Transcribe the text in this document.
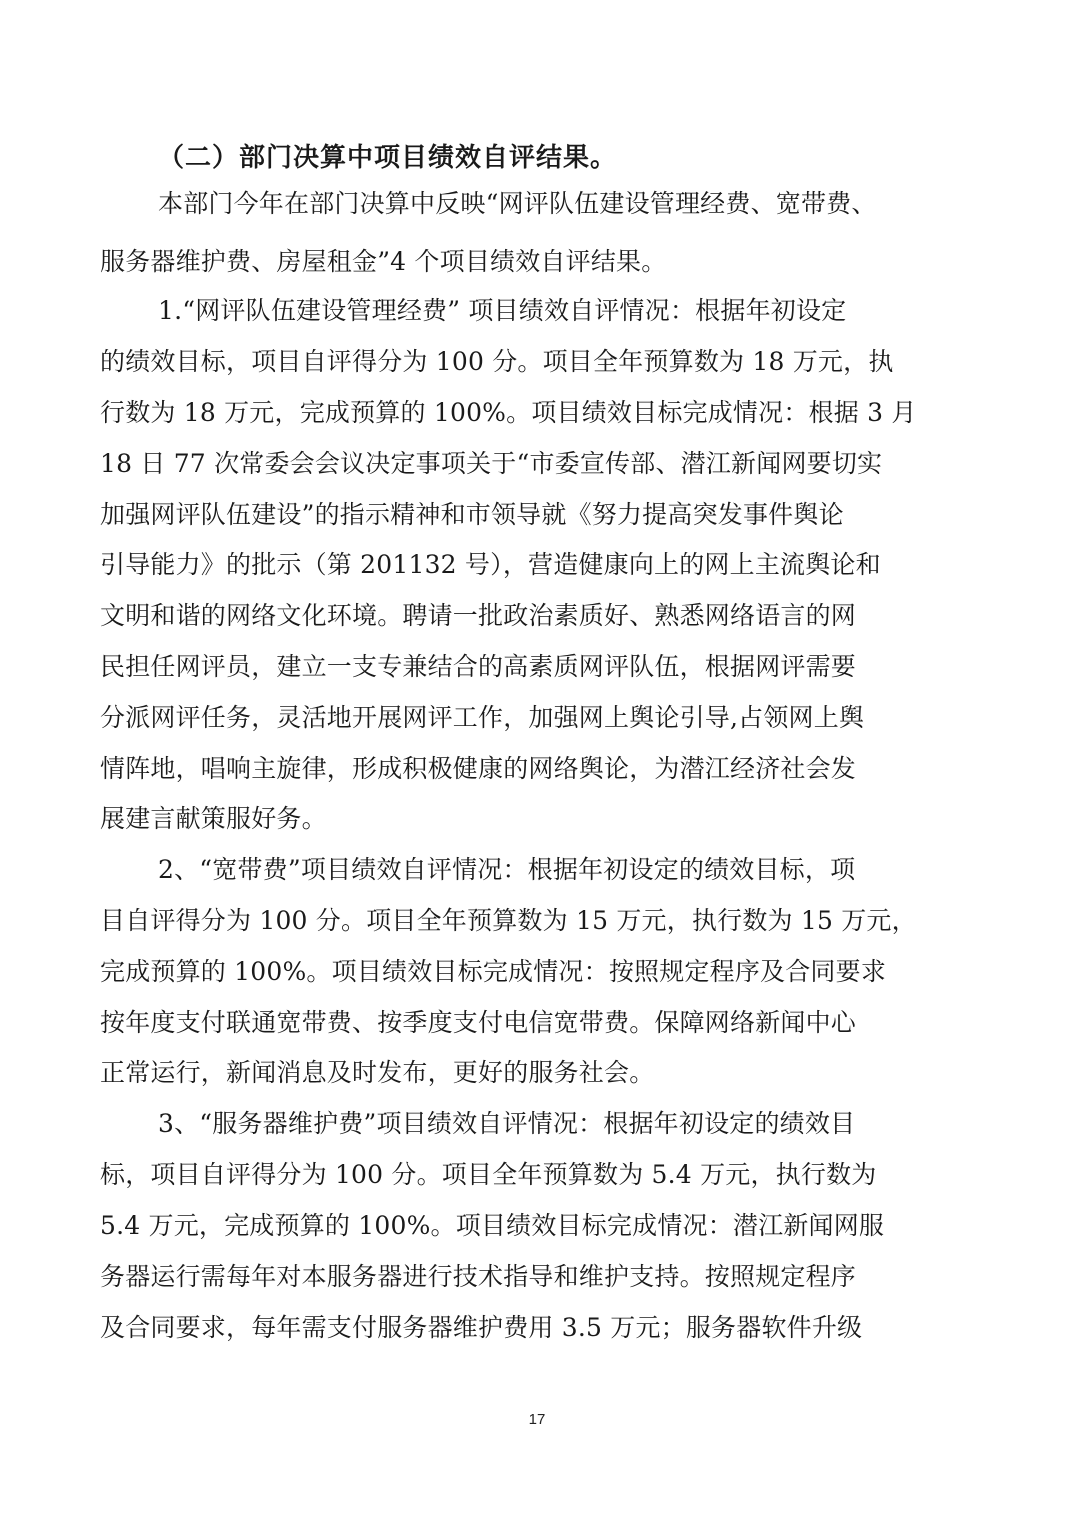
（二）部门决算中项目绩效自评结果。
本部门今年在部门决算中反映“网评队伍建设管理经费、宽带费、
服务器维护费、房屋租金”4 个项目绩效自评结果。
1.“网评队伍建设管理经费” 项目绩效自评情况：根据年初设定
的绩效目标，项目自评得分为 100 分。项目全年预算数为 18 万元，执
行数为 18 万元，完成预算的 100%。项目绩效目标完成情况：根据 3 月
18 日 77 次常委会会议决定事项关于“市委宣传部、潜江新闻网要切实
加强网评队伍建设”的指示精神和市领导就《努力提高突发事件舆论
引导能力》的批示（第 201132 号），营造健康向上的网上主流舆论和
文明和谐的网络文化环境。聘请一批政治素质好、熟悉网络语言的网
民担任网评员，建立一支专兼结合的高素质网评队伍，根据网评需要
分派网评任务，灵活地开展网评工作，加强网上舆论引导,占领网上舆
情阵地，唱响主旋律，形成积极健康的网络舆论，为潜江经济社会发
展建言献策服好务。
2、“宽带费”项目绩效自评情况：根据年初设定的绩效目标，项
目自评得分为 100 分。项目全年预算数为 15 万元，执行数为 15 万元，
完成预算的 100%。项目绩效目标完成情况：按照规定程序及合同要求
按年度支付联通宽带费、按季度支付电信宽带费。保障网络新闻中心
正常运行，新闻消息及时发布，更好的服务社会。
3、“服务器维护费”项目绩效自评情况：根据年初设定的绩效目
标，项目自评得分为 100 分。项目全年预算数为 5.4 万元，执行数为
5.4 万元，完成预算的 100%。项目绩效目标完成情况：潜江新闻网服
务器运行需每年对本服务器进行技术指导和维护支持。按照规定程序
及合同要求，每年需支付服务器维护费用 3.5 万元；服务器软件升级
17
